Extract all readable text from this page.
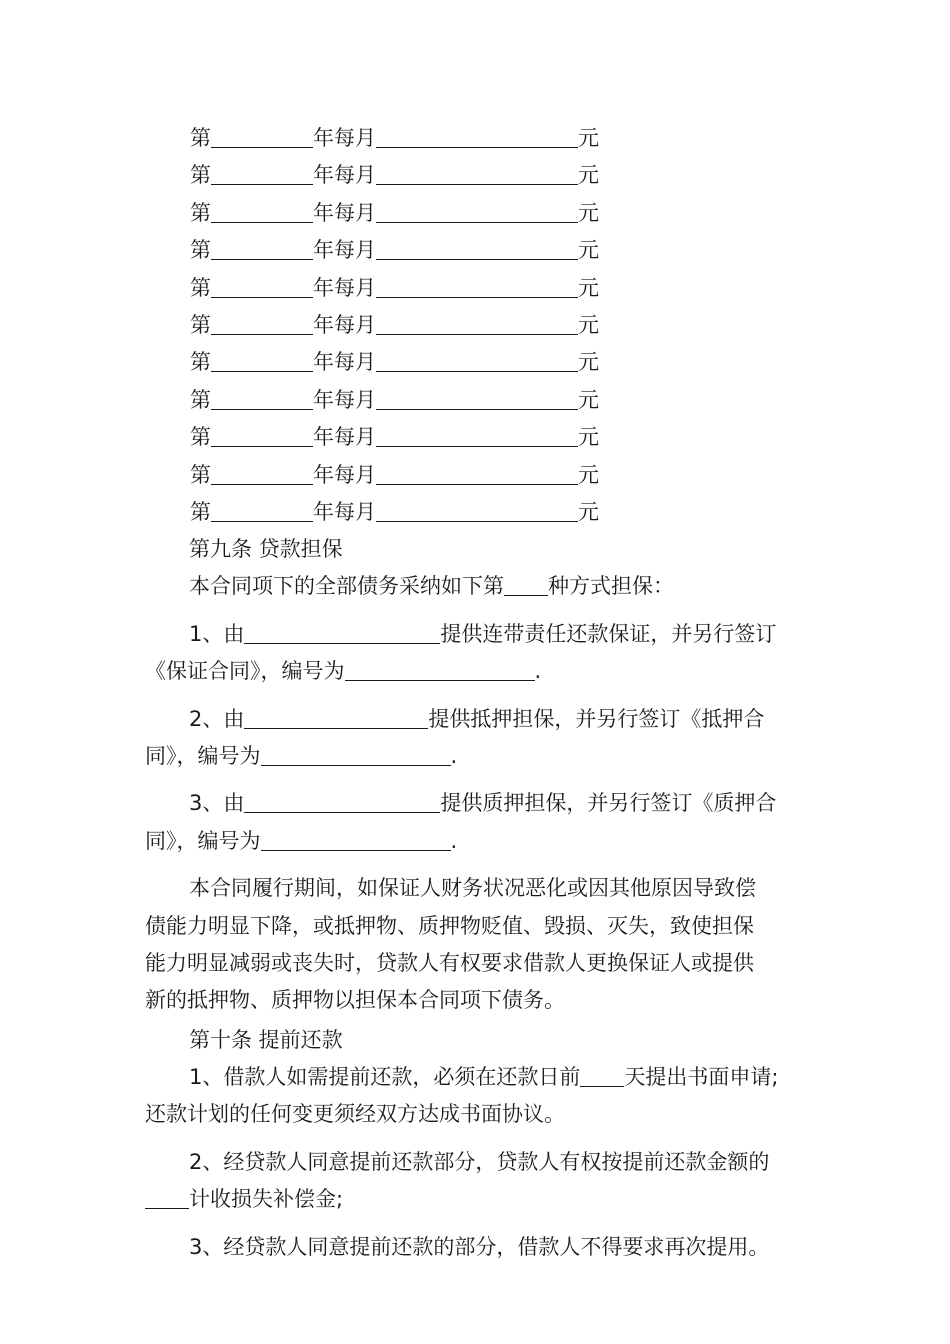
第	年每月	元
第	年每月	元
第	年每月	元
第	年每月	元
第	年每月	元
第	年每月	元
第	年每月	元
第	年每月	元
第	年每月	元
第	年每月	元
第	年每月	元
第九条 贷款担保
本合同项下的全部债务采纳如下第 种方式担保：
1、由	提供连带责任还款保证，并另行签订
《保证合同》，编号为	.
2、由	提供抵押担保，并另行签订《抵押合
同》，编号为	.
3、由	提供质押担保，并另行签订《质押合
同》，编号为	.
本合同履行期间，如保证人财务状况恶化或因其他原因导致偿
债能力明显下降，或抵押物、质押物贬值、毁损、灭失，致使担保
能力明显减弱或丧失时，贷款人有权要求借款人更换保证人或提供
新的抵押物、质押物以担保本合同项下债务。
第十条 提前还款
1、借款人如需提前还款，必须在还款日前 天提出书面申请;
还款计划的任何变更须经双方达成书面协议。
2、经贷款人同意提前还款部分，贷款人有权按提前还款金额的
计收损失补偿金;
3、经贷款人同意提前还款的部分，借款人不得要求再次提用。
